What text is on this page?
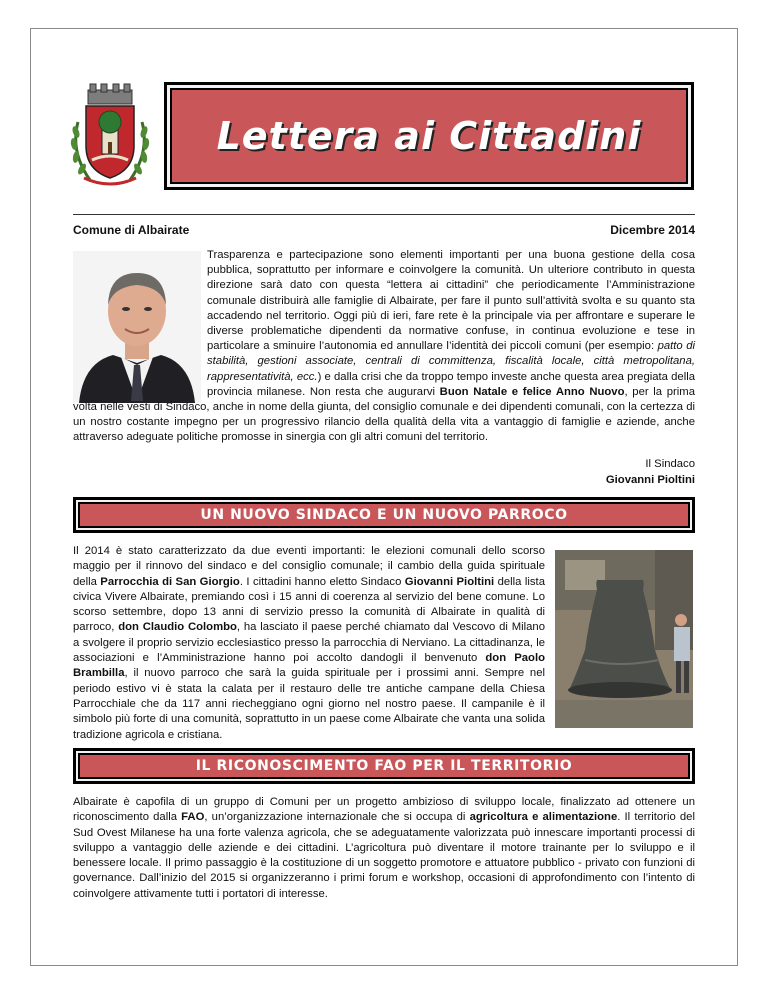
Lettera ai Cittadini
Comune di Albairate	Dicembre 2014

Trasparenza e partecipazione sono elementi importanti per una buona gestione della cosa pubblica, soprattutto per informare e coinvolgere la comunità. Un ulteriore contributo in questa direzione sarà dato con questa “lettera ai cittadini” che periodicamente l’Amministrazione comunale distribuirà alle famiglie di Albairate, per fare il punto sull’attività svolta e su quanto sta accadendo nel territorio. Oggi più di ieri, fare rete è la principale via per affrontare e superare le diverse problematiche dipendenti da normative confuse, in continua evoluzione e tese in particolare a sminuire l’autonomia ed annullare l’identità dei piccoli comuni (per esempio: patto di stabilità, gestioni associate, centrali di committenza, fiscalità locale, città metropolitana, rappresentatività, ecc.) e dalla crisi che da troppo tempo investe anche questa area pregiata della provincia milanese. Non resta che augurarvi Buon Natale e felice Anno Nuovo, per la prima volta nelle vesti di Sindaco, anche in nome della giunta, del consiglio comunale e dei dipendenti comunali, con la certezza di un nostro costante impegno per un progressivo rilancio della qualità della vita a vantaggio di famiglie e aziende, anche attraverso adeguate politiche promosse in sinergia con gli altri comuni del territorio.

Il Sindaco
Giovanni Pioltini
UN NUOVO SINDACO E UN NUOVO PARROCO

Il 2014 è stato caratterizzato da due eventi importanti: le elezioni comunali dello scorso maggio per il rinnovo del sindaco e del consiglio comunale; il cambio della guida spirituale della Parrocchia di San Giorgio. I cittadini hanno eletto Sindaco Giovanni Pioltini della lista civica Vivere Albairate, premiando così i 15 anni di coerenza al servizio del bene comune. Lo scorso settembre, dopo 13 anni di servizio presso la comunità di Albairate in qualità di parroco, don Claudio Colombo, ha lasciato il paese perché chiamato dal Vescovo di Milano a svolgere il proprio servizio ecclesiastico presso la parrocchia di Nerviano. La cittadinanza, le associazioni e l’Amministrazione hanno poi accolto dandogli il benvenuto don Paolo Brambilla, il nuovo parroco che sarà la guida spirituale per i prossimi anni. Sempre nel periodo estivo vi è stata la calata per il restauro delle tre antiche campane della Chiesa Parrocchiale che da 117 anni riecheggiano ogni giorno nel nostro paese. Il campanile è il simbolo più forte di una comunità, soprattutto in un paese come Albairate che vanta una solida tradizione agricola e cristiana.

IL RICONOSCIMENTO FAO PER IL TERRITORIO

Albairate è capofila di un gruppo di Comuni per un progetto ambizioso di sviluppo locale, finalizzato ad ottenere un riconoscimento dalla FAO, un’organizzazione internazionale che si occupa di agricoltura e alimentazione. Il territorio del Sud Ovest Milanese ha una forte valenza agricola, che se adeguatamente valorizzata può innescare importanti processi di sviluppo a vantaggio delle aziende e dei cittadini. L’agricoltura può diventare il motore trainante per lo sviluppo e il benessere locale. Il primo passaggio è la costituzione di un soggetto promotore e attuatore pubblico - privato con funzioni di governance. Dall’inizio del 2015 si organizzeranno i primi forum e workshop, occasioni di approfondimento con l’intento di coinvolgere attivamente tutti i portatori di interesse.
